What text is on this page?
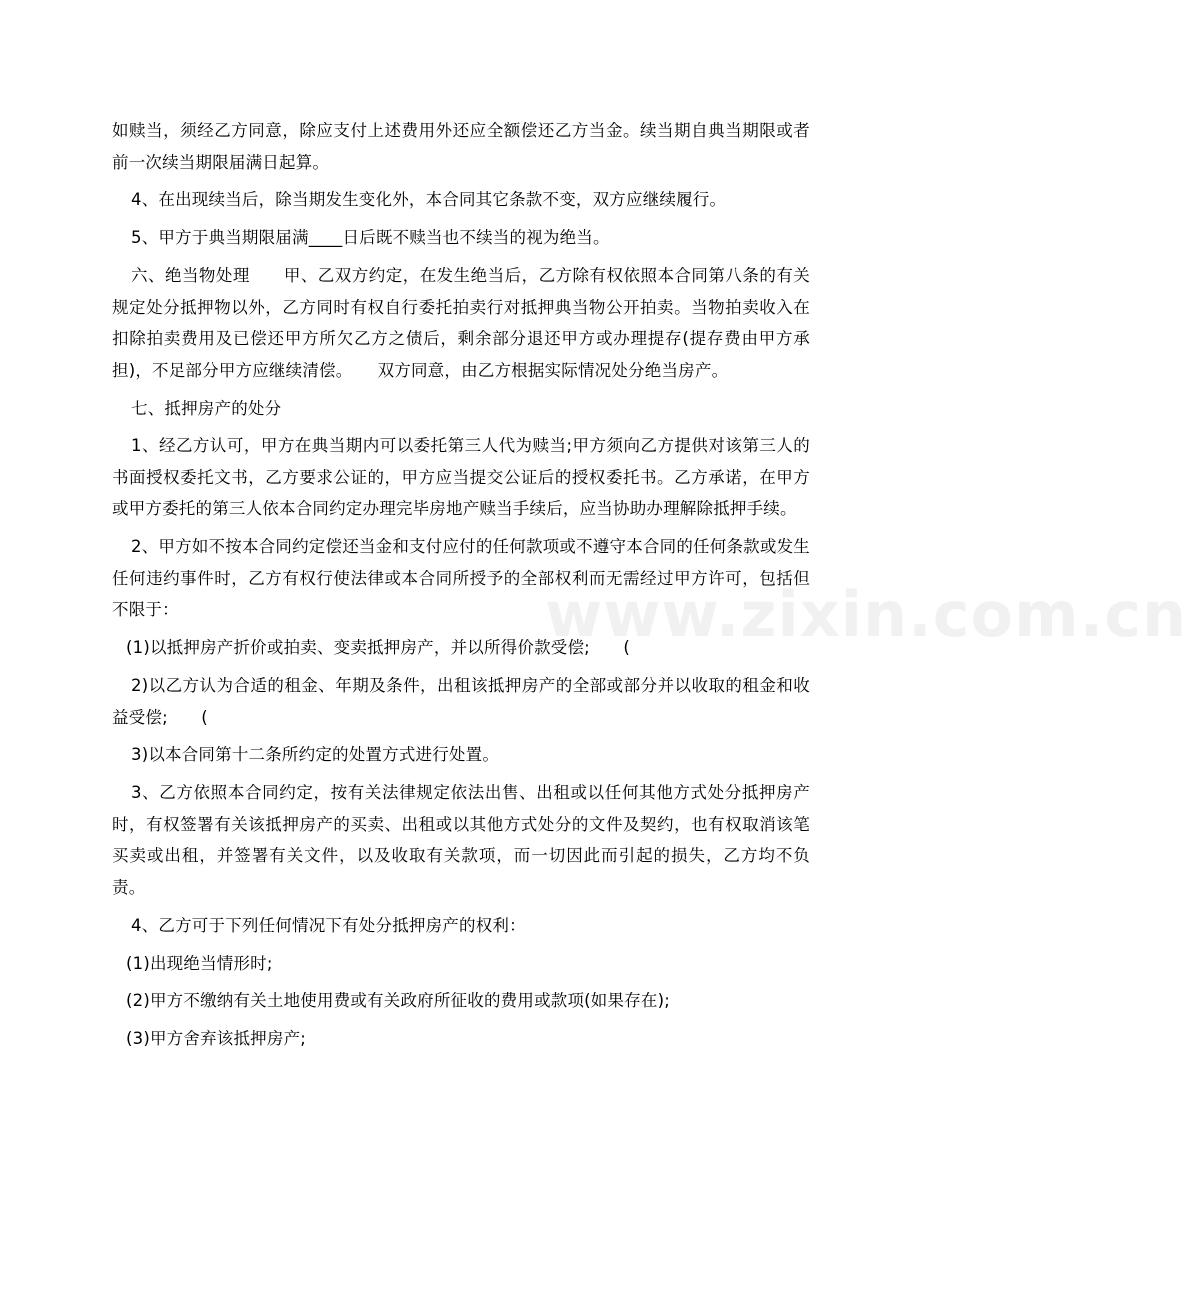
www.zixin.com.cn

如赎当，须经乙方同意，除应支付上述费用外还应全额偿还乙方当金。续当期自典当期限或者前一次续当期限届满日起算。

4、在出现续当后，除当期发生变化外，本合同其它条款不变，双方应继续履行。

5、甲方于典当期限届满____日后既不赎当也不续当的视为绝当。

六、绝当物处理　　甲、乙双方约定，在发生绝当后，乙方除有权依照本合同第八条的有关规定处分抵押物以外，乙方同时有权自行委托拍卖行对抵押典当物公开拍卖。当物拍卖收入在扣除拍卖费用及已偿还甲方所欠乙方之债后，剩余部分退还甲方或办理提存(提存费由甲方承担)，不足部分甲方应继续清偿。　　双方同意，由乙方根据实际情况处分绝当房产。

七、抵押房产的处分

1、经乙方认可，甲方在典当期内可以委托第三人代为赎当;甲方须向乙方提供对该第三人的书面授权委托文书，乙方要求公证的，甲方应当提交公证后的授权委托书。乙方承诺，在甲方或甲方委托的第三人依本合同约定办理完毕房地产赎当手续后，应当协助办理解除抵押手续。

2、甲方如不按本合同约定偿还当金和支付应付的任何款项或不遵守本合同的任何条款或发生任何违约事件时，乙方有权行使法律或本合同所授予的全部权利而无需经过甲方许可，包括但不限于：

(1)以抵押房产折价或拍卖、变卖抵押房产，并以所得价款受偿;　　(

2)以乙方认为合适的租金、年期及条件，出租该抵押房产的全部或部分并以收取的租金和收益受偿;　　(

3)以本合同第十二条所约定的处置方式进行处置。

3、乙方依照本合同约定，按有关法律规定依法出售、出租或以任何其他方式处分抵押房产时，有权签署有关该抵押房产的买卖、出租或以其他方式处分的文件及契约，也有权取消该笔买卖或出租，并签署有关文件，以及收取有关款项，而一切因此而引起的损失，乙方均不负责。

4、乙方可于下列任何情况下有处分抵押房产的权利：

(1)出现绝当情形时;

(2)甲方不缴纳有关土地使用费或有关政府所征收的费用或款项(如果存在);

(3)甲方舍弃该抵押房产;
